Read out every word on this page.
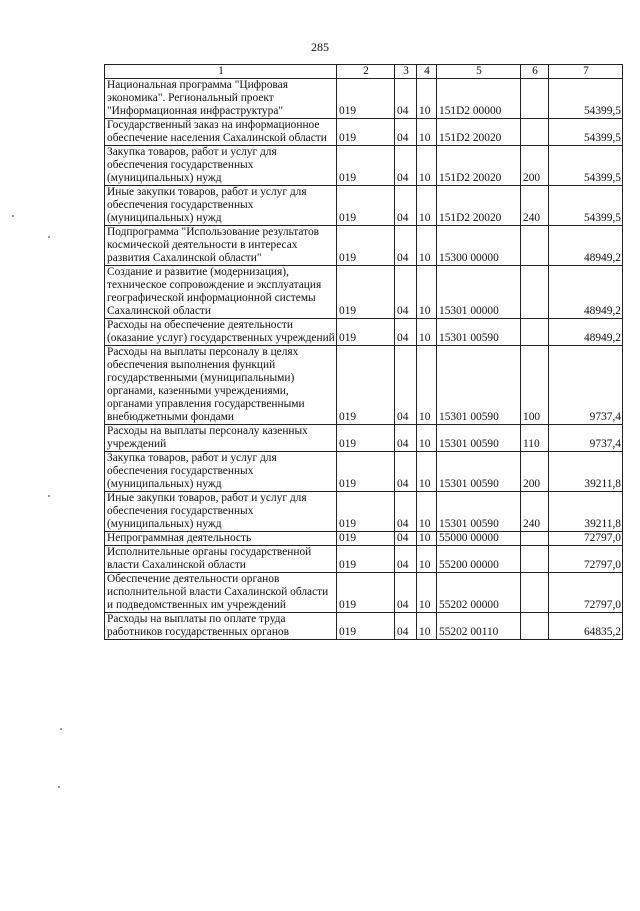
285
1	2	3	4	5	6	7
Национальная программа "Цифровая экономика". Региональный проект "Информационная инфраструктура"	019	04	10	151D2 00000		54399,5
Государственный заказ на информационное обеспечение населения Сахалинской области	019	04	10	151D2 20020		54399,5
Закупка товаров, работ и услуг для обеспечения государственных (муниципальных) нужд	019	04	10	151D2 20020	200	54399,5
Иные закупки товаров, работ и услуг для обеспечения государственных (муниципальных) нужд	019	04	10	151D2 20020	240	54399,5
Подпрограмма "Использование результатов космической деятельности в интересах развития Сахалинской области"	019	04	10	15300 00000		48949,2
Создание и развитие (модернизация), техническое сопровождение и эксплуатация географической информационной системы Сахалинской области	019	04	10	15301 00000		48949,2
Расходы на обеспечение деятельности (оказание услуг) государственных учреждений	019	04	10	15301 00590		48949,2
Расходы на выплаты персоналу в целях обеспечения выполнения функций государственными (муниципальными) органами, казенными учреждениями, органами управления государственными внебюджетными фондами	019	04	10	15301 00590	100	9737,4
Расходы на выплаты персоналу казенных учреждений	019	04	10	15301 00590	110	9737,4
Закупка товаров, работ и услуг для обеспечения государственных (муниципальных) нужд	019	04	10	15301 00590	200	39211,8
Иные закупки товаров, работ и услуг для обеспечения государственных (муниципальных) нужд	019	04	10	15301 00590	240	39211,8
Непрограммная деятельность	019	04	10	55000 00000		72797,0
Исполнительные органы государственной власти Сахалинской области	019	04	10	55200 00000		72797,0
Обеспечение деятельности органов исполнительной власти Сахалинской области и подведомственных им учреждений	019	04	10	55202 00000		72797,0
Расходы на выплаты по оплате труда работников государственных органов	019	04	10	55202 00110		64835,2
